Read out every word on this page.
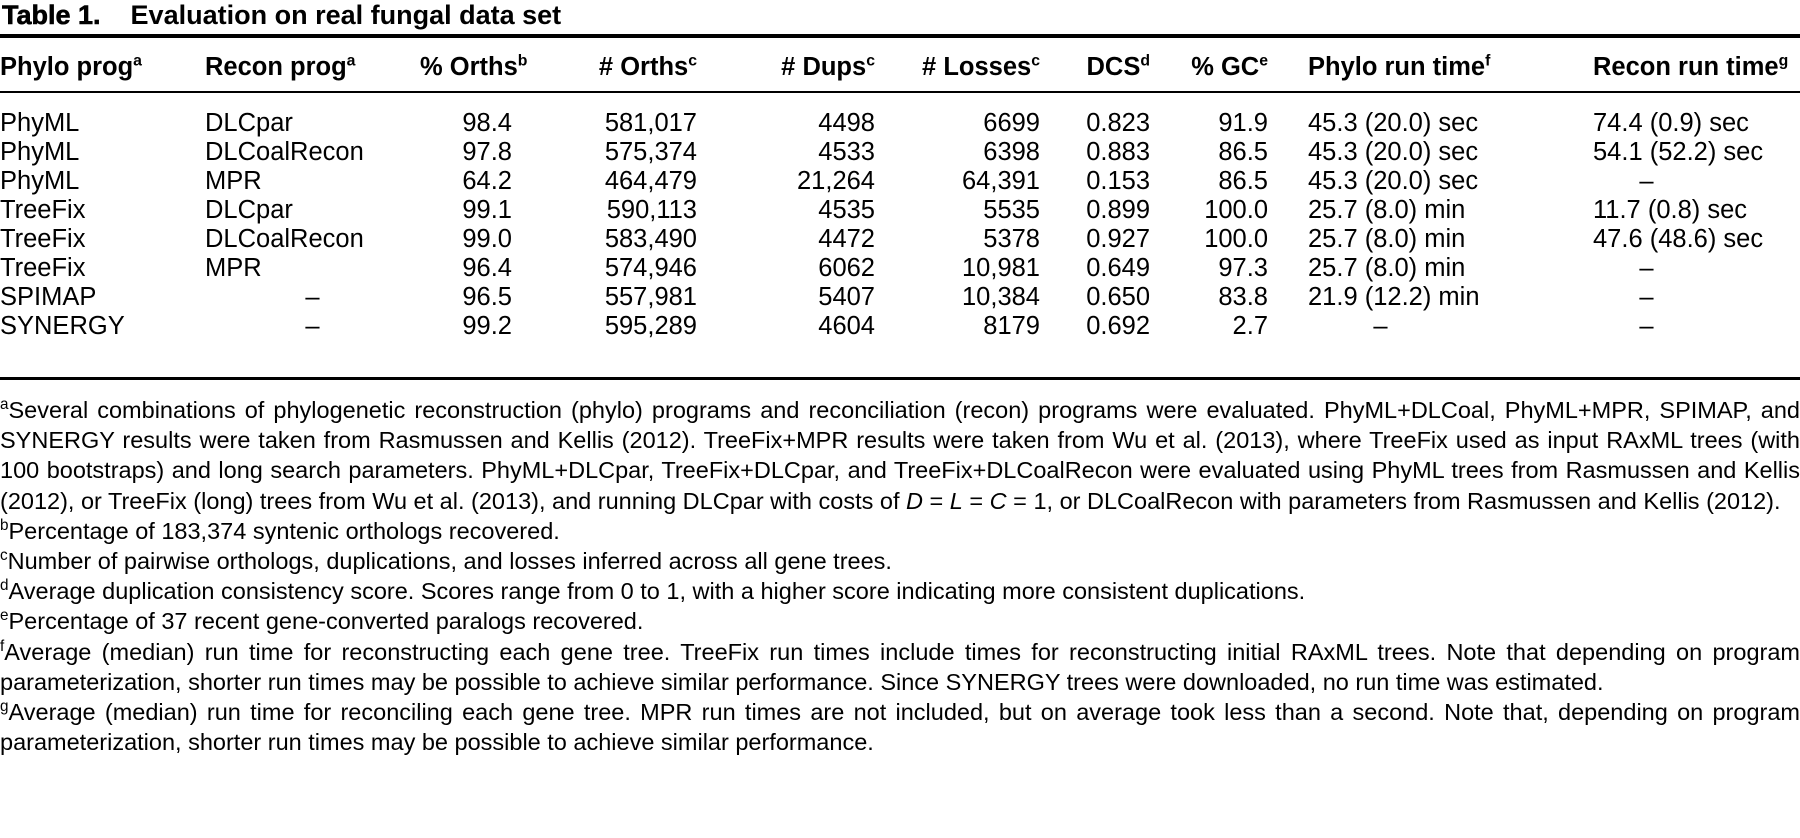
Table 1. Evaluation on real fungal data set
Phylo prog$^a$	Recon prog$^a$	% Orths$^b$	# Orths$^c$	# Dups$^c$	# Losses$^c$	DCS$^d$	% $GC^e$	Phylo run time$^f$	Recon run time$^g$
PhyML	DLCpar	98.4	581,017	4498	6699	0.823	91.9	45.3 (20.0) sec	74.4 (0.9) sec
PhyML	DLCoalRecon	97.8	575,374	4533	6398	0.883	86.5	45.3 (20.0) sec	54.1 (52.2) sec
PhyML	MPR	64.2	464,479	21,264	64,391	0.153	86.5	45.3 (20.0) sec	–
TreeFix	DLCpar	99.1	590,113	4535	5535	0.899	100.0	25.7 (8.0) min	11.7 (0.8) sec
TreeFix	DLCoalRecon	99.0	583,490	4472	5378	0.927	100.0	25.7 (8.0) min	47.6 (48.6) sec
TreeFix	MPR	96.4	574,946	6062	10,981	0.649	97.3	25.7 (8.0) min	–
SPIMAP	–	96.5	557,981	5407	10,384	0.650	83.8	21.9 (12.2) min	–
SYNERGY	–	99.2	595,289	4604	8179	0.692	2.7	–	–

$^a$Several combinations of phylogenetic reconstruction (phylo) programs and reconciliation (recon) programs were evaluated. PhyML+DLCoal, PhyML+MPR, SPIMAP, and SYNERGY results were taken from Rasmussen and Kellis (2012). TreeFix+MPR results were taken from Wu et al. (2013), where TreeFix used as input RAxML trees (with 100 bootstraps) and long search parameters. PhyML+DLCpar, TreeFix+DLCpar, and TreeFix+DLCoalRecon were evaluated using PhyML trees from Rasmussen and Kellis (2012), or TreeFix (long) trees from Wu et al. (2013), and running DLCpar with costs of D = L = C = 1, or DLCoalRecon with parameters from Rasmussen and Kellis (2012).

$^b$Percentage of 183,374 syntenic orthologs recovered.

$^c$Number of pairwise orthologs, duplications, and losses inferred across all gene trees.

$^d$Average duplication consistency score. Scores range from 0 to 1, with a higher score indicating more consistent duplications.

$^e$Percentage of 37 recent gene-converted paralogs recovered.

$^f$Average (median) run time for reconstructing each gene tree. TreeFix run times include times for reconstructing initial RAxML trees. Note that depending on program parameterization, shorter run times may be possible to achieve similar performance. Since SYNERGY trees were downloaded, no run time was estimated.

$^g$Average (median) run time for reconciling each gene tree. MPR run times are not included, but on average took less than a second. Note that, depending on program parameterization, shorter run times may be possible to achieve similar performance.
